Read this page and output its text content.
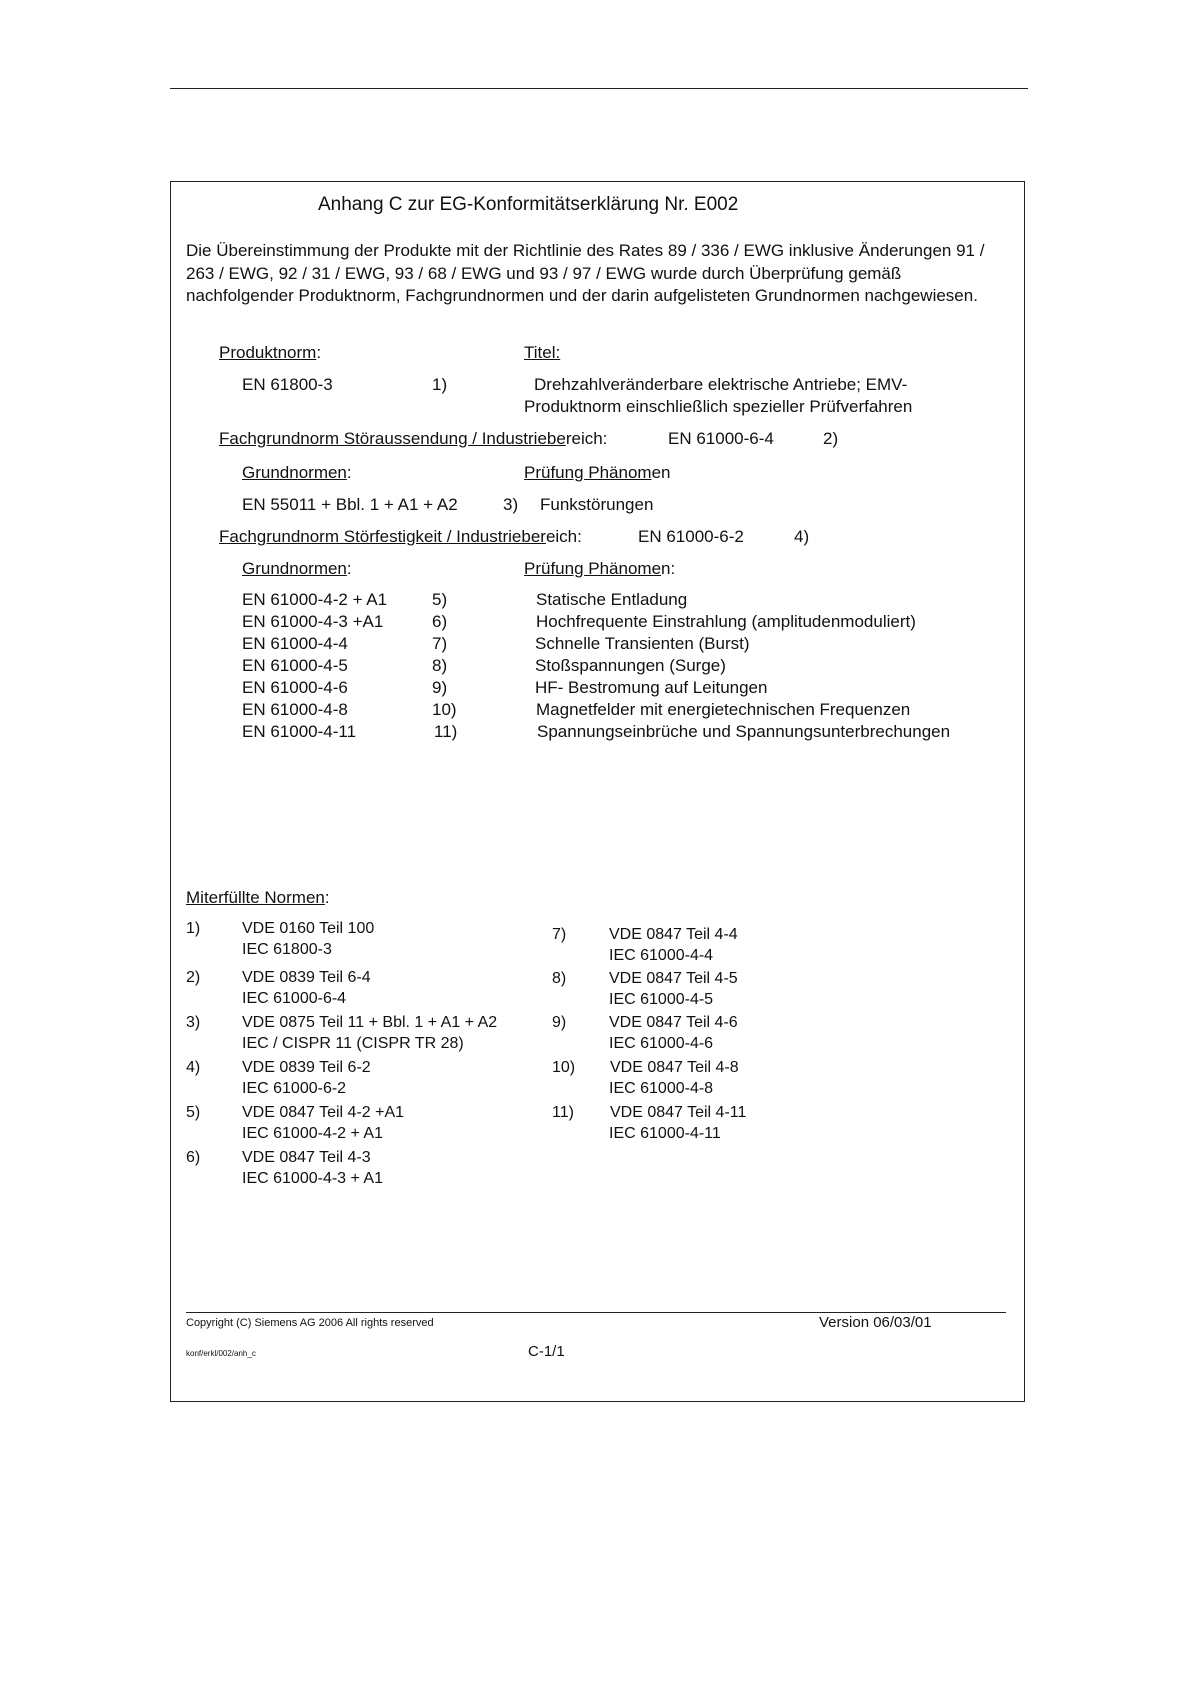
Anhang C zur EG-Konformitätserklärung Nr. E002
Die Übereinstimmung der Produkte mit der Richtlinie des Rates 89 / 336 / EWG inklusive Änderungen 91 / 263 / EWG, 92 / 31 / EWG, 93 / 68 / EWG und 93 / 97 / EWG wurde durch Überprüfung gemäß nachfolgender Produktnorm, Fachgrundnormen und der darin aufgelisteten Grundnormen nachgewiesen.
Produktnorm:	Titel:
EN 61800-3	1)	Drehzahlveränderbare elektrische Antriebe; EMV-
Produktnorm einschließlich spezieller Prüfverfahren
Fachgrundnorm Störaussendung / Industriebereich:	EN 61000-6-4	2)
Grundnormen:	Prüfung Phänomen
EN 55011 + Bbl. 1 + A1 + A2	3) Funkstörungen
Fachgrundnorm Störfestigkeit / Industriebereich:	EN 61000-6-2	4)
Grundnormen:	Prüfung Phänomen:
EN 61000-4-2 + A1	5)	Statische Entladung
EN 61000-4-3 +A1	6)	Hochfrequente Einstrahlung (amplitudenmoduliert)
EN 61000-4-4	7)	Schnelle Transienten (Burst)
EN 61000-4-5	8)	Stoßspannungen (Surge)
EN 61000-4-6	9)	HF- Bestromung auf Leitungen
EN 61000-4-8	10)	Magnetfelder mit energietechnischen Frequenzen
EN 61000-4-11	11)	Spannungseinbrüche und Spannungsunterbrechungen
Miterfüllte Normen:
1)	VDE 0160 Teil 100
IEC 61800-3
2)	VDE 0839 Teil 6-4
IEC 61000-6-4
3)	VDE 0875 Teil 11 + Bbl. 1 + A1 + A2
IEC / CISPR 11 (CISPR TR 28)
4)	VDE 0839 Teil 6-2
IEC 61000-6-2
5)	VDE 0847 Teil 4-2 +A1
IEC 61000-4-2 + A1
6)	VDE 0847 Teil 4-3
IEC 61000-4-3 + A1
7)	VDE 0847 Teil 4-4
IEC 61000-4-4
8)	VDE 0847 Teil 4-5
IEC 61000-4-5
9)	VDE 0847 Teil 4-6
IEC 61000-4-6
10) VDE 0847 Teil 4-8
IEC 61000-4-8
11) VDE 0847 Teil 4-11
IEC 61000-4-11
Copyright (C) Siemens AG 2006 All rights reserved	Version 06/03/01
konf/erkl/002/anh_c	C-1/1
